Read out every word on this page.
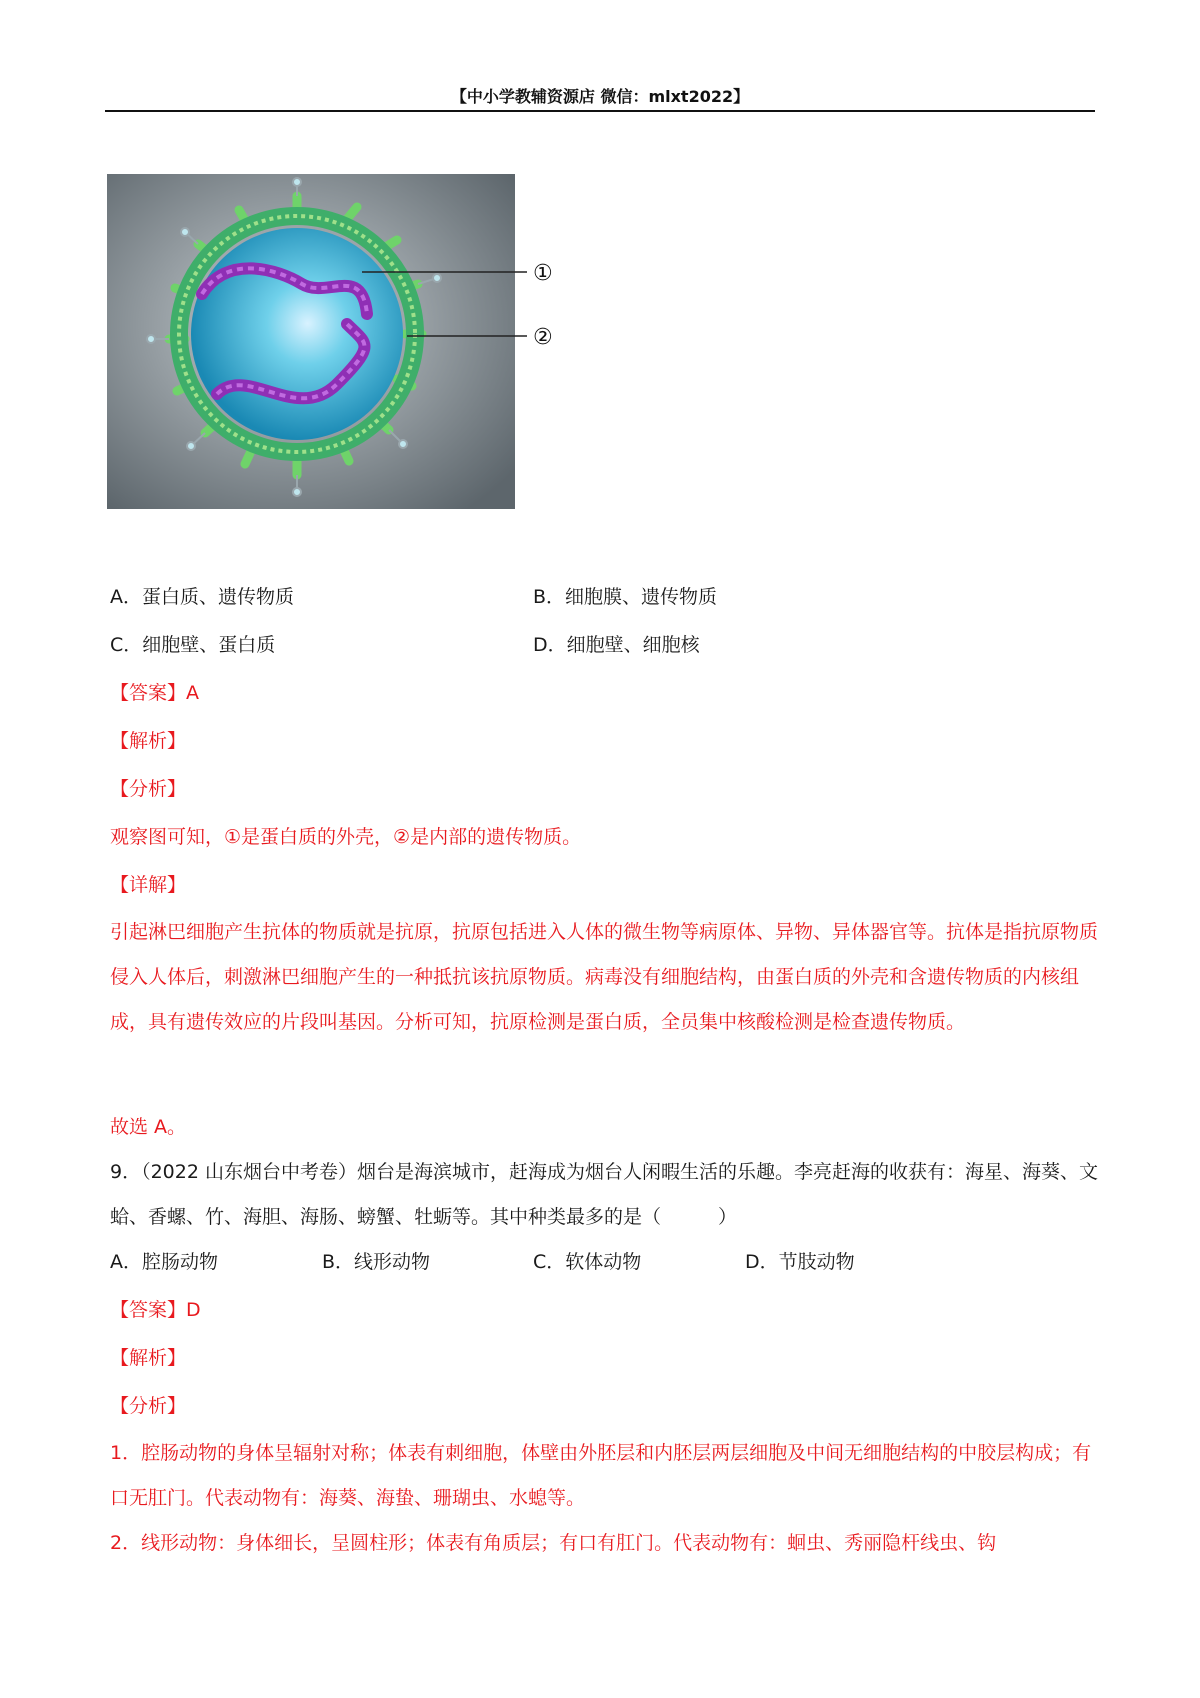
【中小学教辅资源店 微信：mlxt2022】
①
②
A．蛋白质、遗传物质	B．细胞膜、遗传物质
C．细胞壁、蛋白质	D．细胞壁、细胞核
【答案】A
【解析】
【分析】
观察图可知，①是蛋白质的外壳，②是内部的遗传物质。
【详解】
引起淋巴细胞产生抗体的物质就是抗原，抗原包括进入人体的微生物等病原体、异物、异体器官等。抗体是指抗原物质侵入人体后，刺激淋巴细胞产生的一种抵抗该抗原物质。病毒没有细胞结构，由蛋白质的外壳和含遗传物质的内核组成，具有遗传效应的片段叫基因。分析可知，抗原检测是蛋白质，全员集中核酸检测是检查遗传物质。
故选 A。
9．（2022 山东烟台中考卷）烟台是海滨城市，赶海成为烟台人闲暇生活的乐趣。李亮赶海的收获有：海星、海葵、文蛤、香螺、竹、海胆、海肠、螃蟹、牡蛎等。其中种类最多的是（　　　）
A．腔肠动物	B．线形动物	C．软体动物	D．节肢动物
【答案】D
【解析】
【分析】
1．腔肠动物的身体呈辐射对称；体表有刺细胞，体壁由外胚层和内胚层两层细胞及中间无细胞结构的中胶层构成；有口无肛门。代表动物有：海葵、海蛰、珊瑚虫、水螅等。
2．线形动物：身体细长，呈圆柱形；体表有角质层；有口有肛门。代表动物有：蛔虫、秀丽隐杆线虫、钩
